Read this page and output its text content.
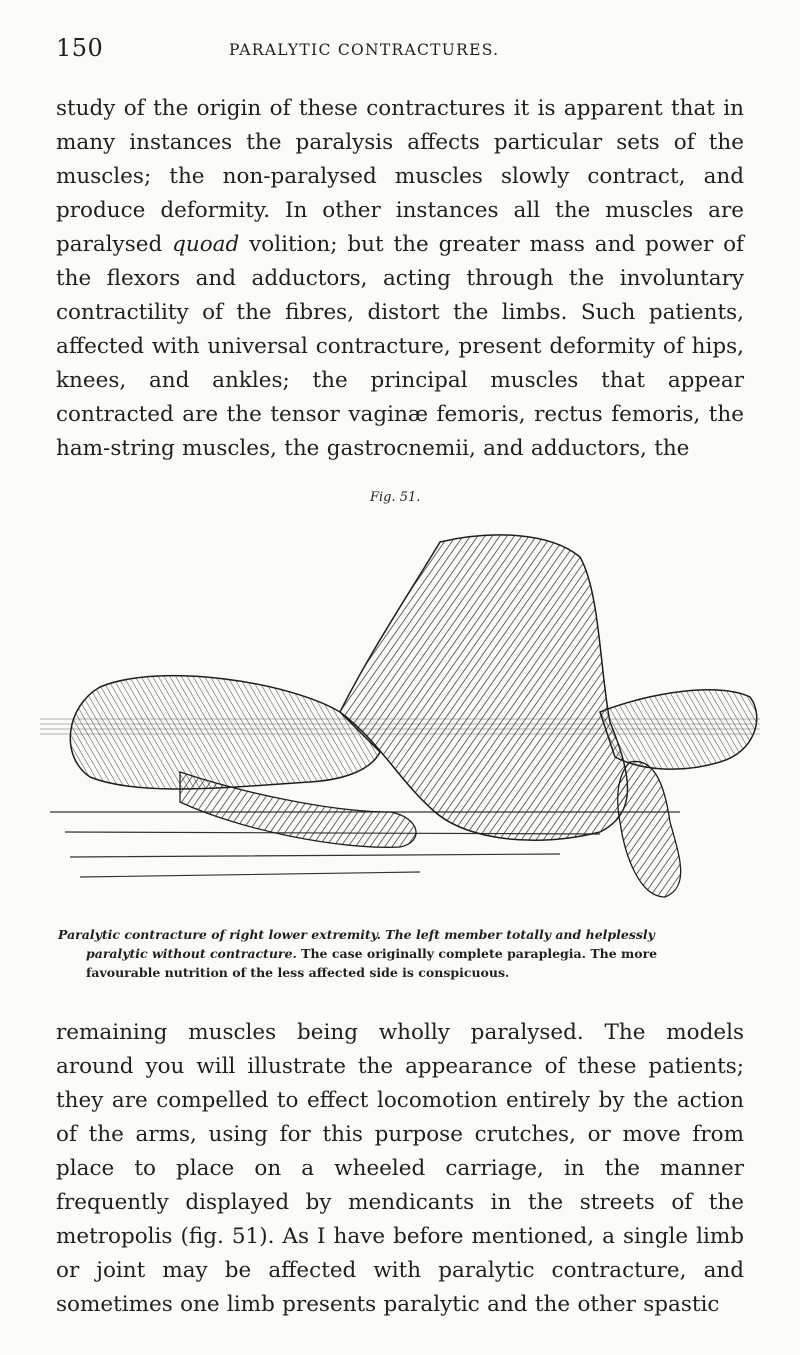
150	PARALYTIC CONTRACTURES.

study of the origin of these contractures it is apparent that in many instances the paralysis affects particular sets of the muscles; the non-paralysed muscles slowly contract, and produce deformity. In other instances all the muscles are paralysed quoad volition; but the greater mass and power of the flexors and adductors, acting through the involuntary contractility of the fibres, distort the limbs. Such patients, affected with universal contracture, present deformity of hips, knees, and ankles; the principal muscles that appear contracted are the tensor vaginæ femoris, rectus femoris, the ham-string muscles, the gastrocnemii, and adductors, the

Fig. 51.
Paralytic contracture of right lower extremity. The left member totally and helplessly
paralytic without contracture. The case originally complete paraplegia. The more
favourable nutrition of the less affected side is conspicuous.

remaining muscles being wholly paralysed. The models around you will illustrate the appearance of these patients; they are compelled to effect locomotion entirely by the action of the arms, using for this purpose crutches, or move from place to place on a wheeled carriage, in the manner frequently displayed by mendicants in the streets of the metropolis (fig. 51). As I have before mentioned, a single limb or joint may be affected with paralytic contracture, and sometimes one limb presents paralytic and the other spastic
